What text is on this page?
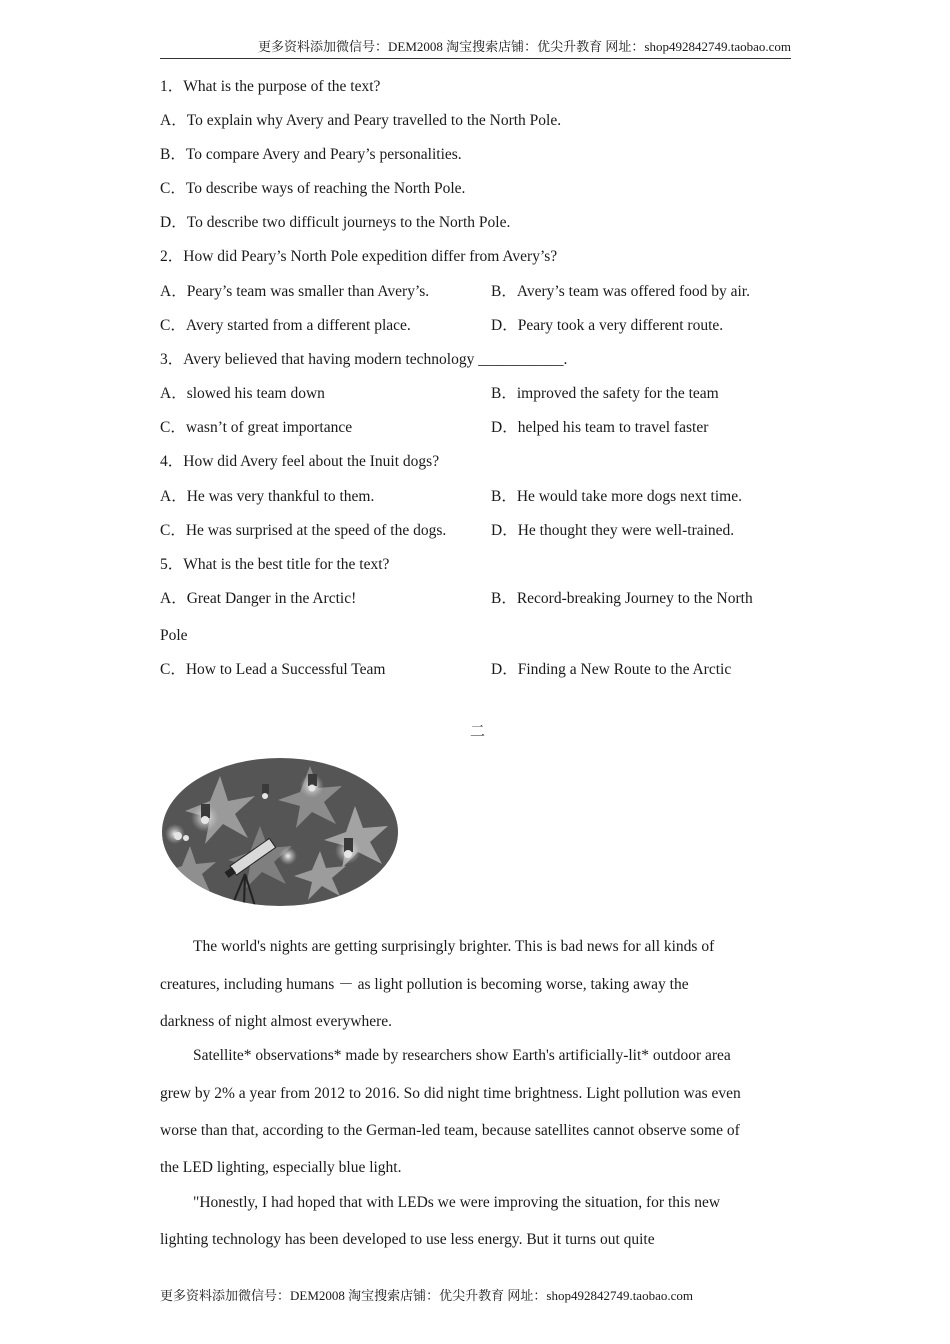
更多资料添加微信号：DEM2008 淘宝搜索店铺：优尖升教育 网址：shop492842749.taobao.com
1．What is the purpose of the text?
A．To explain why Avery and Peary travelled to the North Pole.
B．To compare Avery and Peary’s personalities.
C．To describe ways of reaching the North Pole.
D．To describe two difficult journeys to the North Pole.
2．How did Peary’s North Pole expedition differ from Avery’s?
A．Peary’s team was smaller than Avery’s.	B．Avery’s team was offered food by air.
C．Avery started from a different place.	D．Peary took a very different route.
3．Avery believed that having modern technology ___________.
A．slowed his team down	B．improved the safety for the team
C．wasn’t of great importance	D．helped his team to travel faster
4．How did Avery feel about the Inuit dogs?
A．He was very thankful to them.	B．He would take more dogs next time.
C．He was surprised at the speed of the dogs.	D．He thought they were well-trained.
5．What is the best title for the text?
A．Great Danger in the Arctic!	B．Record-breaking Journey to the North
Pole
C．How to Lead a Successful Team	D．Finding a New Route to the Arctic
二
The world's nights are getting surprisingly brighter. This is bad news for all kinds of
creatures, including humans － as light pollution is becoming worse, taking away the
darkness of night almost everywhere.
Satellite* observations* made by researchers show Earth's artificially-lit* outdoor area
grew by 2% a year from 2012 to 2016. So did night time brightness. Light pollution was even
worse than that, according to the German-led team, because satellites cannot observe some of
the LED lighting, especially blue light.
"Honestly, I had hoped that with LEDs we were improving the situation, for this new
lighting technology has been developed to use less energy. But it turns out quite
更多资料添加微信号：DEM2008 淘宝搜索店铺：优尖升教育 网址：shop492842749.taobao.com
